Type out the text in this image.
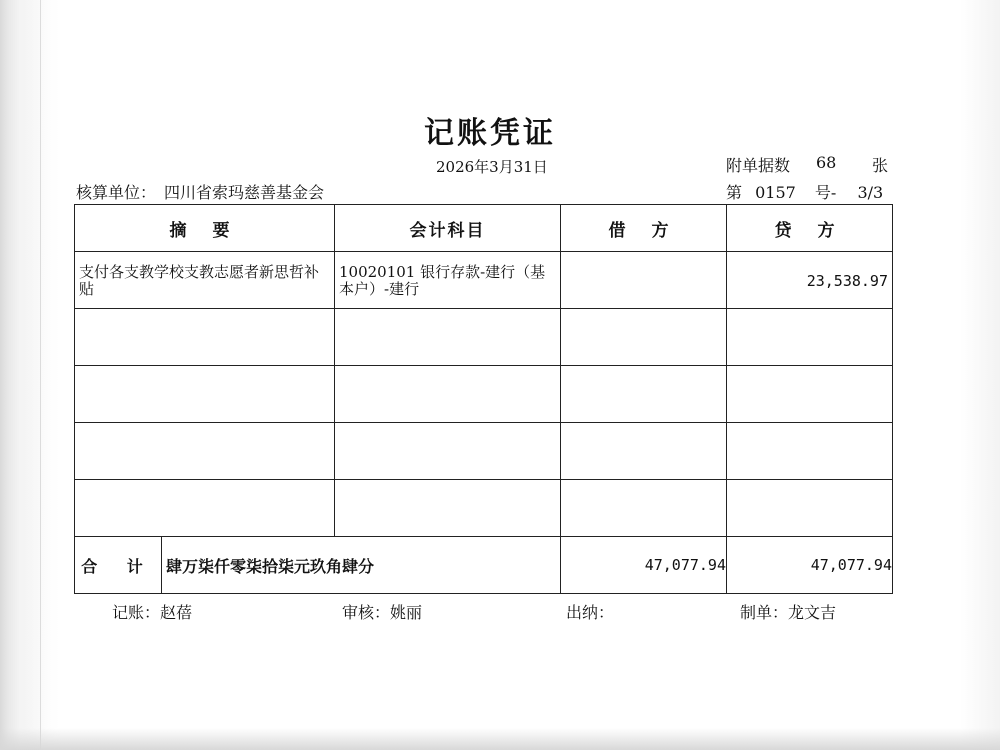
记账凭证
2026年3月31日	附单据数 68 张
核算单位： 四川省索玛慈善基金会	第 0157 号- 3/3
摘 要	会计科目	借 方	贷 方

支付各支教学校支教志愿者新思哲补贴	10020101 银行存款-建行（基本户）-建行		23,538.97

合 计 肆万柒仟零柒拾柒元玖角肆分		47,077.94	47,077.94
记账：赵蓓	审核：姚丽	出纳：	制单：龙文吉
